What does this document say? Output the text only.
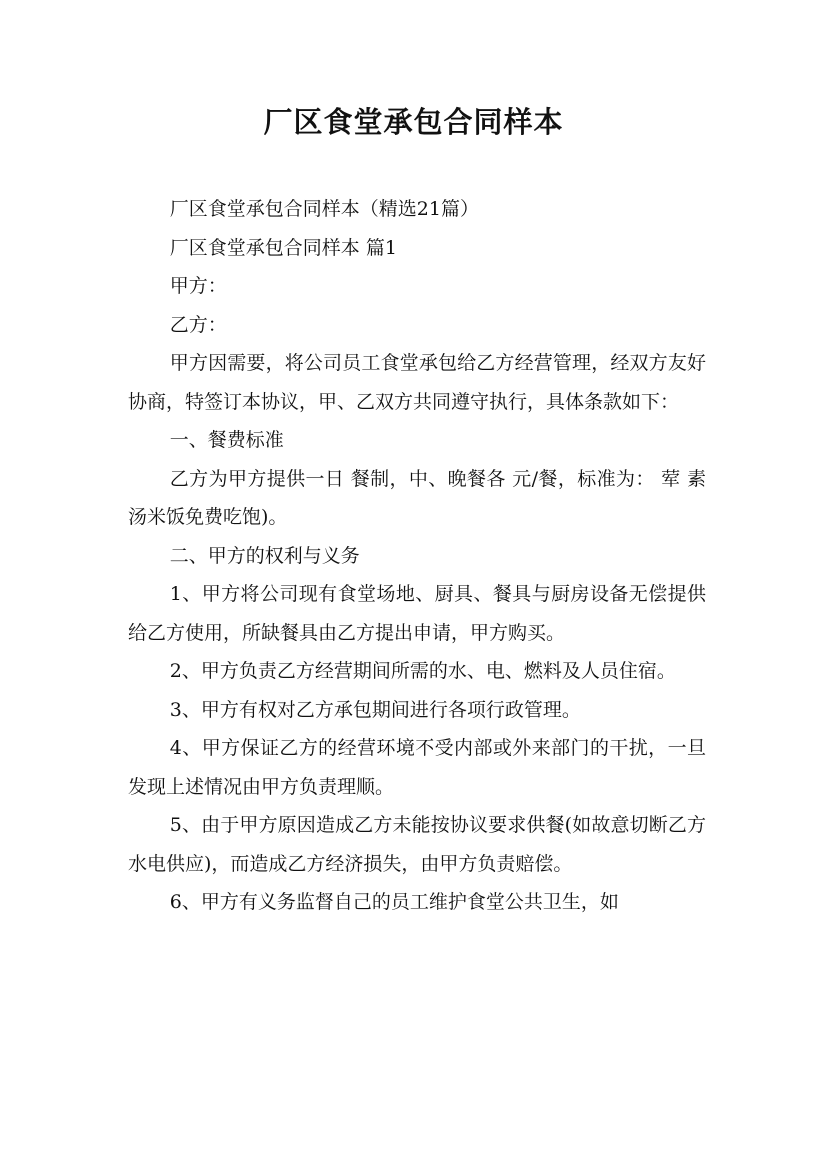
厂区食堂承包合同样本

厂区食堂承包合同样本（精选21篇）

厂区食堂承包合同样本 篇1

甲方：

乙方：

甲方因需要，将公司员工食堂承包给乙方经营管理，经双方友好协商，特签订本协议，甲、乙双方共同遵守执行，具体条款如下：

一、餐费标准

乙方为甲方提供一日 餐制，中、晚餐各 元/餐，标准为： 荤 素 汤米饭免费吃饱)。

二、甲方的权利与义务

1、甲方将公司现有食堂场地、厨具、餐具与厨房设备无偿提供给乙方使用，所缺餐具由乙方提出申请，甲方购买。

2、甲方负责乙方经营期间所需的水、电、燃料及人员住宿。

3、甲方有权对乙方承包期间进行各项行政管理。

4、甲方保证乙方的经营环境不受内部或外来部门的干扰，一旦发现上述情况由甲方负责理顺。

5、由于甲方原因造成乙方未能按协议要求供餐(如故意切断乙方水电供应)，而造成乙方经济损失，由甲方负责赔偿。

6、甲方有义务监督自己的员工维护食堂公共卫生，如
